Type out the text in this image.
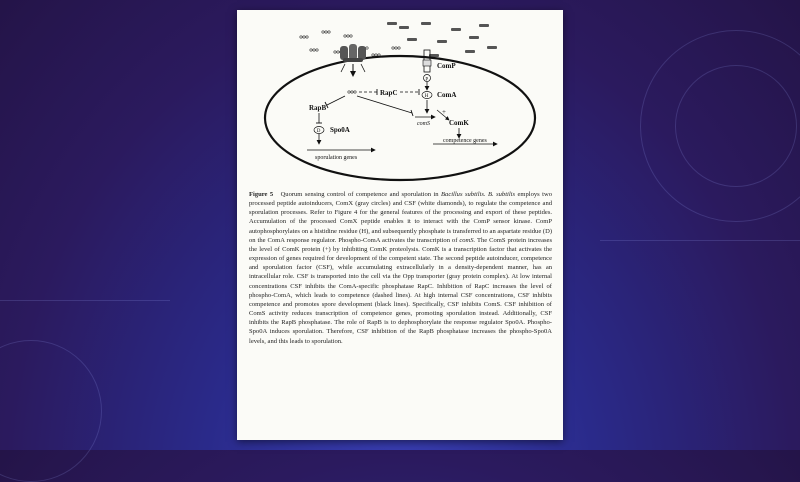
ComP
P
H ComA
RapC
comS
+
ComK
competence genes
RapB
D Spo0A
sporulation genes
Figure 5 Quorum sensing control of competence and sporulation in Bacillus subtilis. B. subtilis employs two processed peptide autoinducers, ComX (gray circles) and CSF (white diamonds), to regulate the competence and sporulation processes. Refer to Figure 4 for the general features of the processing and export of these peptides. Accumulation of the processed ComX peptide enables it to interact with the ComP sensor kinase. ComP autophosphorylates on a histidine residue (H), and subsequently phosphate is transferred to an aspartate residue (D) on the ComA response regulator. Phospho-ComA activates the transcription of comS. The ComS protein increases the level of ComK protein (+) by inhibiting ComK proteolysis. ComK is a transcription factor that activates the expression of genes required for development of the competent state. The second peptide autoinducer, competence and sporulation factor (CSF), while accumulating extracellularly in a density-dependent manner, has an intracellular role. CSF is transported into the cell via the Opp transporter (gray protein complex). At low internal concentrations CSF inhibits the ComA-specific phosphatase RapC. Inhibition of RapC increases the level of phospho-ComA, which leads to competence (dashed lines). At high internal CSF concentrations, CSF inhibits competence and promotes spore development (black lines). Specifically, CSF inhibits ComS. CSF inhibition of ComS activity reduces transcription of competence genes, promoting sporulation instead. Additionally, CSF inhibits the RapB phosphatase. The role of RapB is to dephosphorylate the response regulator Spo0A. Phospho-Spo0A induces sporulation. Therefore, CSF inhibition of the RapB phosphatase increases the phospho-Spo0A levels, and this leads to sporulation.
